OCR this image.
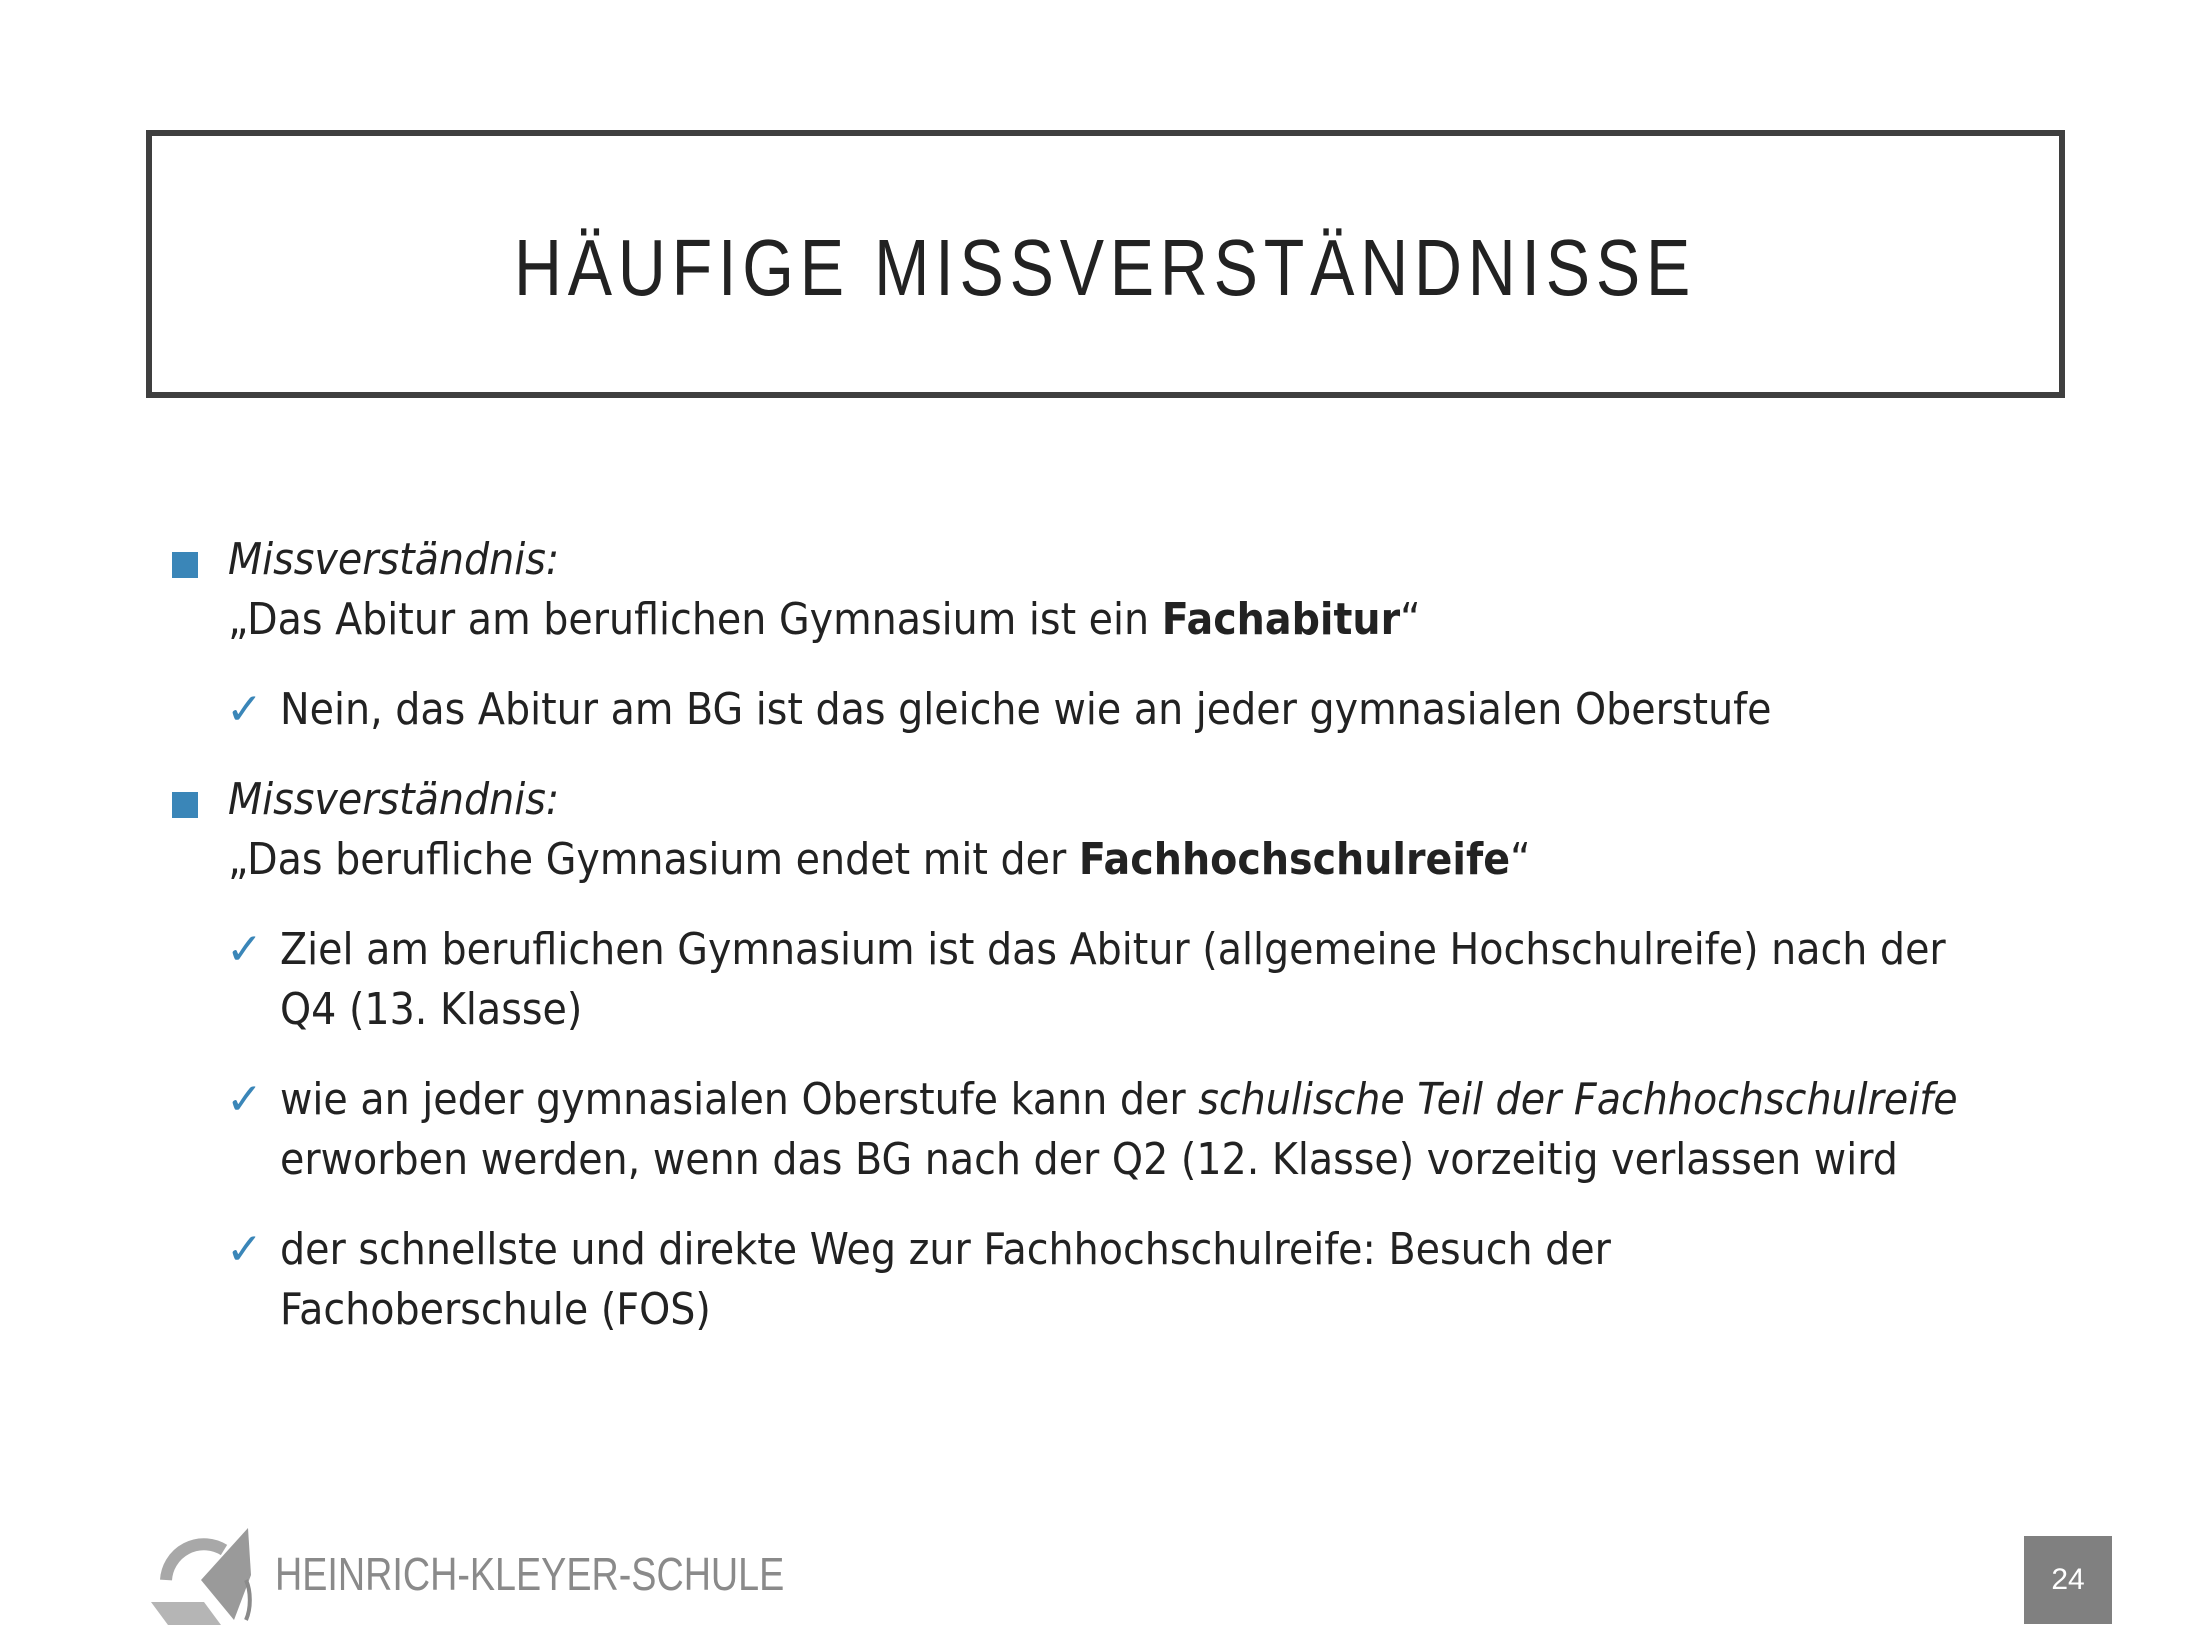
HÄUFIGE MISSVERSTÄNDNISSE
Missverständnis:
„Das Abitur am beruflichen Gymnasium ist ein Fachabitur“
✓ Nein, das Abitur am BG ist das gleiche wie an jeder gymnasialen Oberstufe
Missverständnis:
„Das berufliche Gymnasium endet mit der Fachhochschulreife“
✓ Ziel am beruflichen Gymnasium ist das Abitur (allgemeine Hochschulreife) nach der Q4 (13. Klasse)
✓ wie an jeder gymnasialen Oberstufe kann der schulische Teil der Fachhochschulreife erworben werden, wenn das BG nach der Q2 (12. Klasse) vorzeitig verlassen wird
✓ der schnellste und direkte Weg zur Fachhochschulreife: Besuch der Fachoberschule (FOS)
HEINRICH-KLEYER-SCHULE	24
